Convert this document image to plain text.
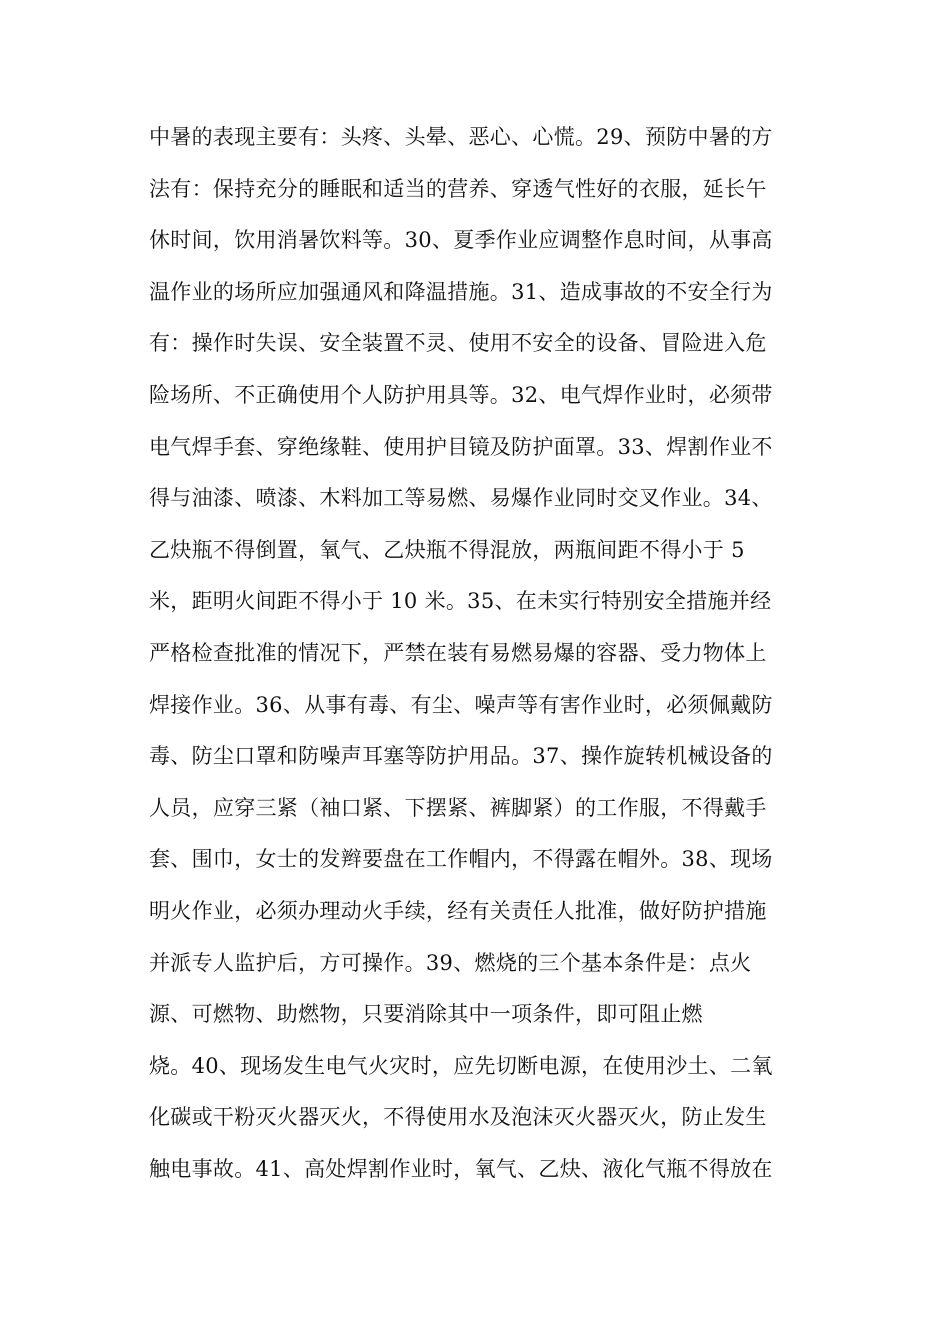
中暑的表现主要有：头疼、头晕、恶心、心慌。29、预防中暑的方
法有：保持充分的睡眠和适当的营养、穿透气性好的衣服，延长午
休时间，饮用消暑饮料等。30、夏季作业应调整作息时间，从事高
温作业的场所应加强通风和降温措施。31、造成事故的不安全行为
有：操作时失误、安全装置不灵、使用不安全的设备、冒险进入危
险场所、不正确使用个人防护用具等。32、电气焊作业时，必须带
电气焊手套、穿绝缘鞋、使用护目镜及防护面罩。33、焊割作业不
得与油漆、喷漆、木料加工等易燃、易爆作业同时交叉作业。34、
乙炔瓶不得倒置，氧气、乙炔瓶不得混放，两瓶间距不得小于 5
米，距明火间距不得小于 10 米。35、在未实行特别安全措施并经
严格检查批准的情况下，严禁在装有易燃易爆的容器、受力物体上
焊接作业。36、从事有毒、有尘、噪声等有害作业时，必须佩戴防
毒、防尘口罩和防噪声耳塞等防护用品。37、操作旋转机械设备的
人员，应穿三紧（袖口紧、下摆紧、裤脚紧）的工作服，不得戴手
套、围巾，女士的发辫要盘在工作帽内，不得露在帽外。38、现场
明火作业，必须办理动火手续，经有关责任人批准，做好防护措施
并派专人监护后，方可操作。39、燃烧的三个基本条件是：点火
源、可燃物、助燃物，只要消除其中一项条件，即可阻止燃
烧。40、现场发生电气火灾时，应先切断电源，在使用沙土、二氧
化碳或干粉灭火器灭火，不得使用水及泡沫灭火器灭火，防止发生
触电事故。41、高处焊割作业时，氧气、乙炔、液化气瓶不得放在
